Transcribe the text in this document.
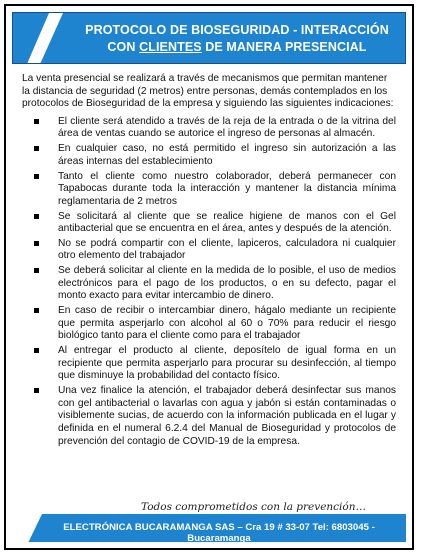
PROTOCOLO DE BIOSEGURIDAD - INTERACCIÓN
CON CLIENTES DE MANERA PRESENCIAL

La venta presencial se realizará a través de mecanismos que permitan mantener la distancia de seguridad (2 metros) entre personas, demás contemplados en los protocolos de Bioseguridad de la empresa y siguiendo las siguientes indicaciones:

El cliente será atendido a través de la reja de la entrada o de la vitrina del área de ventas cuando se autorice el ingreso de personas al almacén.
En cualquier caso, no está permitido el ingreso sin autorización a las áreas internas del establecimiento
Tanto el cliente como nuestro colaborador, deberá permanecer con Tapabocas durante toda la interacción y mantener la distancia mínima reglamentaria de 2 metros
Se solicitará al cliente que se realice higiene de manos con el Gel antibacterial que se encuentra en el área, antes y después de la atención.
No se podrá compartir con el cliente, lapiceros, calculadora ni cualquier otro elemento del trabajador
Se deberá solicitar al cliente en la medida de lo posible, el uso de medios electrónicos para el pago de los productos, o en su defecto, pagar el monto exacto para evitar intercambio de dinero.
En caso de recibir o intercambiar dinero, hágalo mediante un recipiente que permita asperjarlo con alcohol al 60 o 70% para reducir el riesgo biológico tanto para el cliente como para el trabajador
Al entregar el producto al cliente, deposítelo de igual forma en un recipiente que permita asperjarlo para procurar su desinfección, al tiempo que disminuye la probabilidad del contacto físico.
Una vez finalice la atención, el trabajador deberá desinfectar sus manos con gel antibacterial o lavarlas con agua y jabón si están contaminadas o visiblemente sucias, de acuerdo con la información publicada en el lugar y definida en el numeral 6.2.4 del Manual de Bioseguridad y protocolos de prevención del contagio de COVID-19 de la empresa.
Todos comprometidos con la prevención…
ELECTRÓNICA BUCARAMANGA SAS – Cra 19 # 33-07 Tel: 6803045 - Bucaramanga
